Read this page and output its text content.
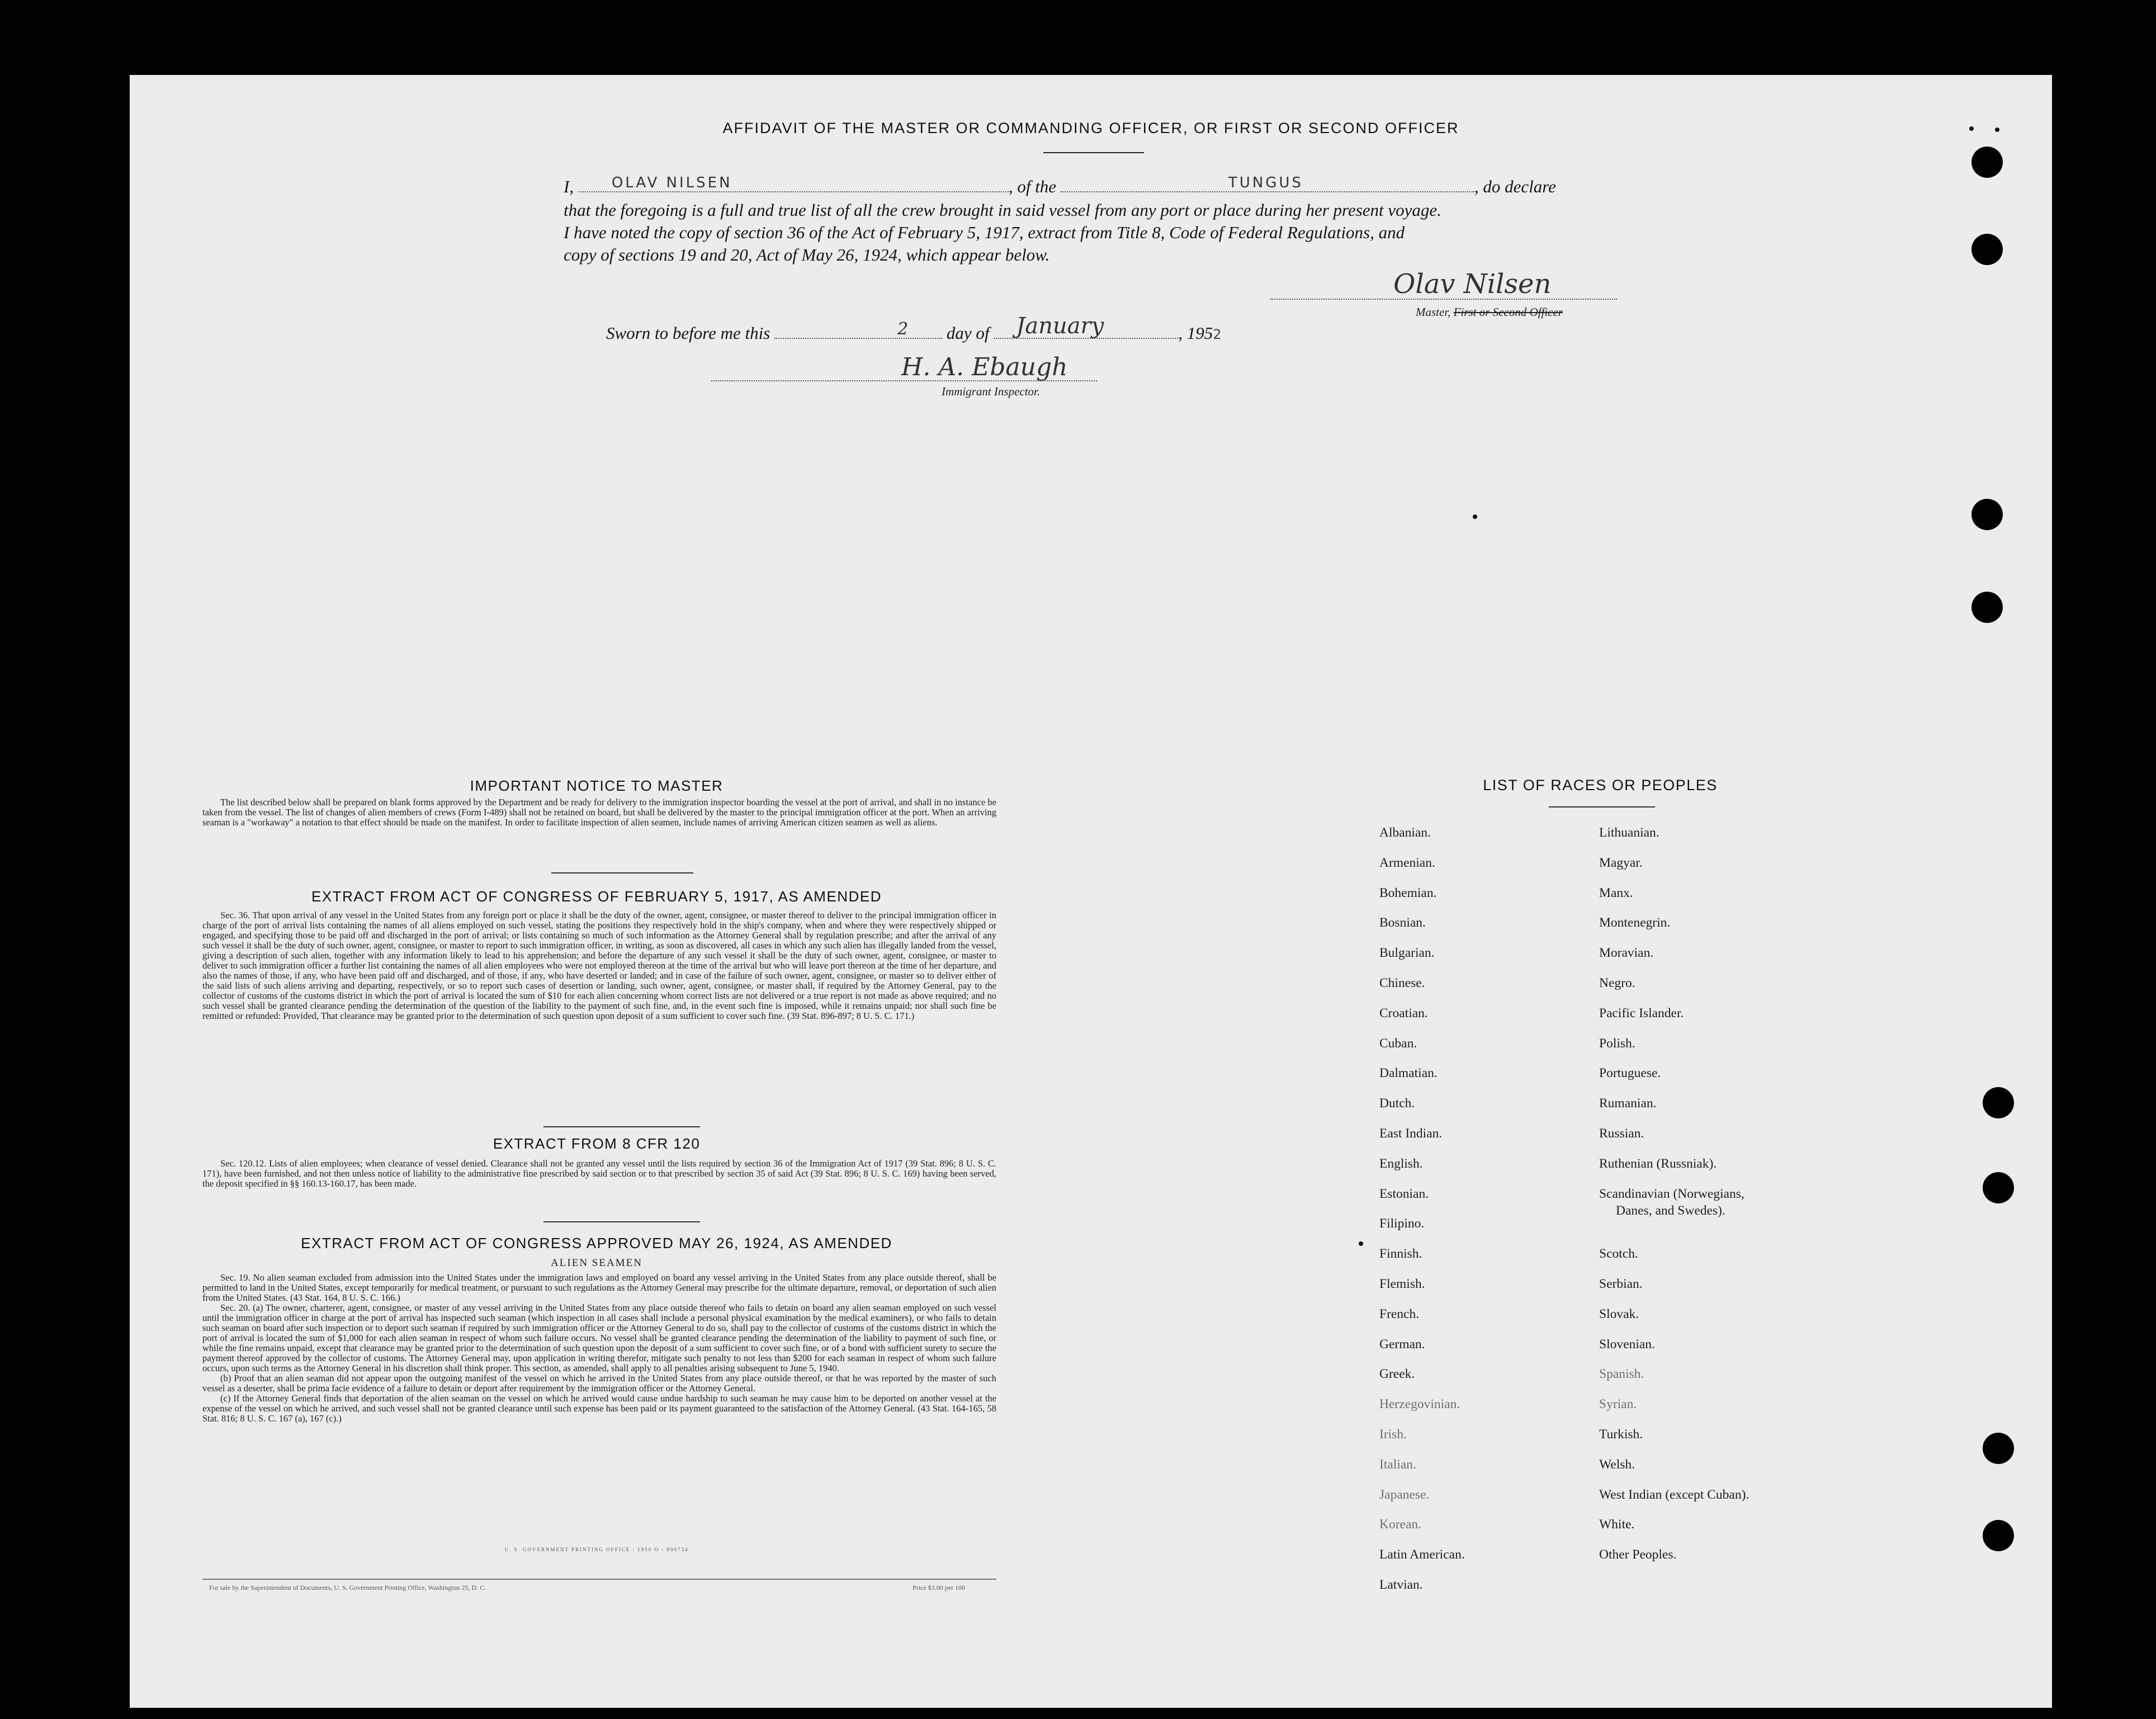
AFFIDAVIT OF THE MASTER OR COMMANDING OFFICER, OR FIRST OR SECOND OFFICER
I,	OLAV NILSEN	, of the	TUNGUS	, do declare
that the foregoing is a full and true list of all the crew brought in said vessel from any port or place during her present voyage.
I have noted the copy of section 36 of the Act of February 5, 1917, extract from Title 8, Code of Federal Regulations, and
copy of sections 19 and 20, Act of May 26, 1924, which appear below.
Olav Nilsen
Master, First or Second Officer
Sworn to before me this	2 day of January	, 1952
H. A. Ebaugh
Immigrant Inspector.
IMPORTANT NOTICE TO MASTER

The list described below shall be prepared on blank forms approved by the Department and be ready for delivery to the immigration inspector boarding the vessel at the port of arrival, and shall in no instance be taken from the vessel. The list of changes of alien members of crews (Form I-489) shall not be retained on board, but shall be delivered by the master to the principal immigration officer at the port. When an arriving seaman is a "workaway" a notation to that effect should be made on the manifest. In order to facilitate inspection of alien seamen, include names of arriving American citizen seamen as well as aliens.

EXTRACT FROM ACT OF CONGRESS OF FEBRUARY 5, 1917, AS AMENDED

Sec. 36. That upon arrival of any vessel in the United States from any foreign port or place it shall be the duty of the owner, agent, consignee, or master thereof to deliver to the principal immigration officer in charge of the port of arrival lists containing the names of all aliens employed on such vessel, stating the positions they respectively hold in the ship's company, when and where they were respectively shipped or engaged, and specifying those to be paid off and discharged in the port of arrival; or lists containing so much of such information as the Attorney General shall by regulation prescribe; and after the arrival of any such vessel it shall be the duty of such owner, agent, consignee, or master to report to such immigration officer, in writing, as soon as discovered, all cases in which any such alien has illegally landed from the vessel, giving a description of such alien, together with any information likely to lead to his apprehension; and before the departure of any such vessel it shall be the duty of such owner, agent, consignee, or master to deliver to such immigration officer a further list containing the names of all alien employees who were not employed thereon at the time of the arrival but who will leave port thereon at the time of her departure, and also the names of those, if any, who have been paid off and discharged, and of those, if any, who have deserted or landed; and in case of the failure of such owner, agent, consignee, or master so to deliver either of the said lists of such aliens arriving and departing, respectively, or so to report such cases of desertion or landing, such owner, agent, consignee, or master shall, if required by the Attorney General, pay to the collector of customs of the customs district in which the port of arrival is located the sum of $10 for each alien concerning whom correct lists are not delivered or a true report is not made as above required; and no such vessel shall be granted clearance pending the determination of the question of the liability to the payment of such fine, and, in the event such fine is imposed, while it remains unpaid; nor shall such fine be remitted or refunded: Provided, That clearance may be granted prior to the determination of such question upon deposit of a sum sufficient to cover such fine. (39 Stat. 896-897; 8 U. S. C. 171.)

EXTRACT FROM 8 CFR 120

Sec. 120.12. Lists of alien employees; when clearance of vessel denied. Clearance shall not be granted any vessel until the lists required by section 36 of the Immigration Act of 1917 (39 Stat. 896; 8 U. S. C. 171), have been furnished, and not then unless notice of liability to the administrative fine prescribed by said section or to that prescribed by section 35 of said Act (39 Stat. 896; 8 U. S. C. 169) having been served, the deposit specified in §§ 160.13-160.17, has been made.

EXTRACT FROM ACT OF CONGRESS APPROVED MAY 26, 1924, AS AMENDED
ALIEN SEAMEN

Sec. 19. No alien seaman excluded from admission into the United States under the immigration laws and employed on board any vessel arriving in the United States from any place outside thereof, shall be permitted to land in the United States, except temporarily for medical treatment, or pursuant to such regulations as the Attorney General may prescribe for the ultimate departure, removal, or deportation of such alien from the United States. (43 Stat. 164, 8 U. S. C. 166.)

Sec. 20. (a) The owner, charterer, agent, consignee, or master of any vessel arriving in the United States from any place outside thereof who fails to detain on board any alien seaman employed on such vessel until the immigration officer in charge at the port of arrival has inspected such seaman (which inspection in all cases shall include a personal physical examination by the medical examiners), or who fails to detain such seaman on board after such inspection or to deport such seaman if required by such immigration officer or the Attorney General to do so, shall pay to the collector of customs of the customs district in which the port of arrival is located the sum of $1,000 for each alien seaman in respect of whom such failure occurs. No vessel shall be granted clearance pending the determination of the liability to payment of such fine, or while the fine remains unpaid, except that clearance may be granted prior to the determination of such question upon the deposit of a sum sufficient to cover such fine, or of a bond with sufficient surety to secure the payment thereof approved by the collector of customs. The Attorney General may, upon application in writing therefor, mitigate such penalty to not less than $200 for each seaman in respect of whom such failure occurs, upon such terms as the Attorney General in his discretion shall think proper. This section, as amended, shall apply to all penalties arising subsequent to June 5, 1940.

(b) Proof that an alien seaman did not appear upon the outgoing manifest of the vessel on which he arrived in the United States from any place outside thereof, or that he was reported by the master of such vessel as a deserter, shall be prima facie evidence of a failure to detain or deport after requirement by the immigration officer or the Attorney General.

(c) If the Attorney General finds that deportation of the alien seaman on the vessel on which he arrived would cause undue hardship to such seaman he may cause him to be deported on another vessel at the expense of the vessel on which he arrived, and such vessel shall not be granted clearance until such expense has been paid or its payment guaranteed to the satisfaction of the Attorney General. (43 Stat. 164-165, 58 Stat. 816; 8 U. S. C. 167 (a), 167 (c).)

U. S. GOVERNMENT PRINTING OFFICE : 1950 O - 890734
For sale by the Superintendent of Documents, U. S. Government Printing Office, Washington 25, D. C.	Price $3.00 per 100
LIST OF RACES OR PEOPLES
Albanian.
Armenian.
Bohemian.
Bosnian.
Bulgarian.
Chinese.
Croatian.
Cuban.
Dalmatian.
Dutch.
East Indian.
English.
Estonian.
Filipino.
Finnish.
Flemish.
French.
German.
Greek.
Herzegovinian.
Irish.
Italian.
Japanese.
Korean.
Latin American.
Latvian.
Lithuanian.
Magyar.
Manx.
Montenegrin.
Moravian.
Negro.
Pacific Islander.
Polish.
Portuguese.
Rumanian.
Russian.
Ruthenian (Russniak).
Scandinavian (Norwegians,
Danes, and Swedes).
Scotch.
Serbian.
Slovak.
Slovenian.
Spanish.
Syrian.
Turkish.
Welsh.
West Indian (except Cuban).
White.
Other Peoples.
